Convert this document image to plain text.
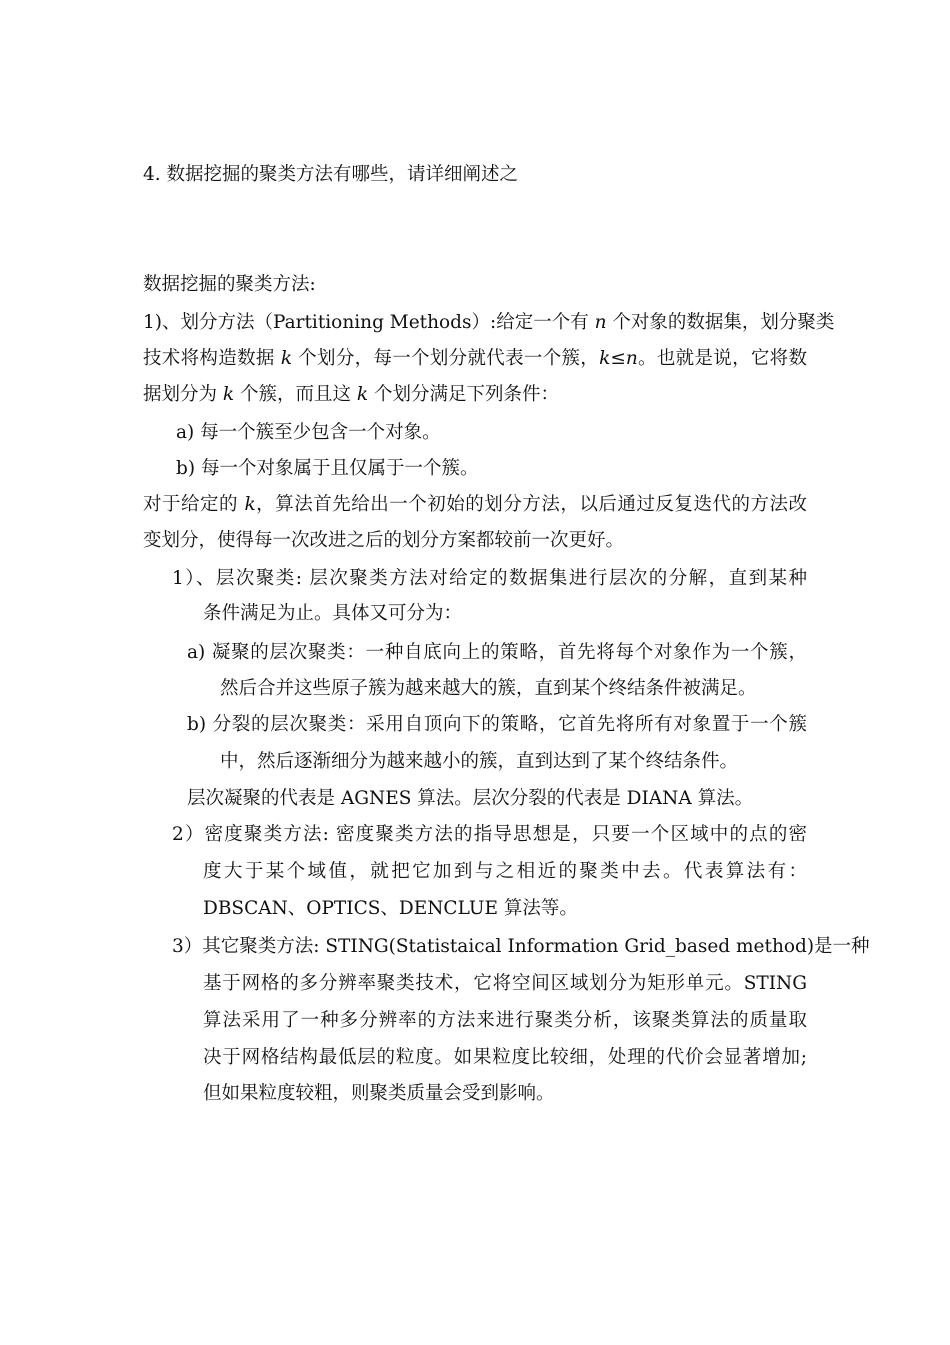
4. 数据挖掘的聚类方法有哪些，请详细阐述之
数据挖掘的聚类方法:
1)、划分方法（Partitioning Methods）:给定一个有 n 个对象的数据集，划分聚类
技术将构造数据 k 个划分，每一个划分就代表一个簇，k≤n。也就是说，它将数
据划分为 k 个簇，而且这 k 个划分满足下列条件：
a) 每一个簇至少包含一个对象。
b) 每一个对象属于且仅属于一个簇。
对于给定的 k，算法首先给出一个初始的划分方法，以后通过反复迭代的方法改
变划分，使得每一次改进之后的划分方案都较前一次更好。
1）、层次聚类: 层次聚类方法对给定的数据集进行层次的分解，直到某种
条件满足为止。具体又可分为：
a) 凝聚的层次聚类：一种自底向上的策略，首先将每个对象作为一个簇，
然后合并这些原子簇为越来越大的簇，直到某个终结条件被满足。
b) 分裂的层次聚类：采用自顶向下的策略，它首先将所有对象置于一个簇
中，然后逐渐细分为越来越小的簇，直到达到了某个终结条件。
层次凝聚的代表是 AGNES 算法。层次分裂的代表是 DIANA 算法。
2）密度聚类方法: 密度聚类方法的指导思想是，只要一个区域中的点的密
度大于某个域值，就把它加到与之相近的聚类中去。代表算法有：
DBSCAN、OPTICS、DENCLUE 算法等。
3）其它聚类方法: STING(Statistaical Information Grid_based method)是一种
基于网格的多分辨率聚类技术，它将空间区域划分为矩形单元。STING
算法采用了一种多分辨率的方法来进行聚类分析，该聚类算法的质量取
决于网格结构最低层的粒度。如果粒度比较细，处理的代价会显著增加;
但如果粒度较粗，则聚类质量会受到影响。
